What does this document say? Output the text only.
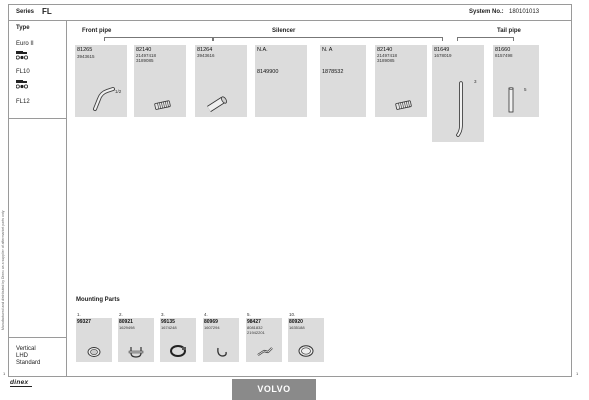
Series FL	System No.: 180101013
Manufactured and distributed by Dinex as a supplier of aftermarket parts only
1	1
Type
Euro II
FL10
FL12
Front pipe	Silencer	Tail pipe
81265
3943615
1/2
82140
21497418
3189085
81264
3943616
N.A.
8149900
N. A
1878532
82140
21497418
3189085
81649
1678019
3
81660
8157498
5
Mounting Parts
1.
99327
2.
80921
1629498
3.
99135
1674248
4.
80969
1607294
5.
98427
8081832
21942201
10.
80920
1635188
Vertical
LHD
Standard
dinex
VOLVO
